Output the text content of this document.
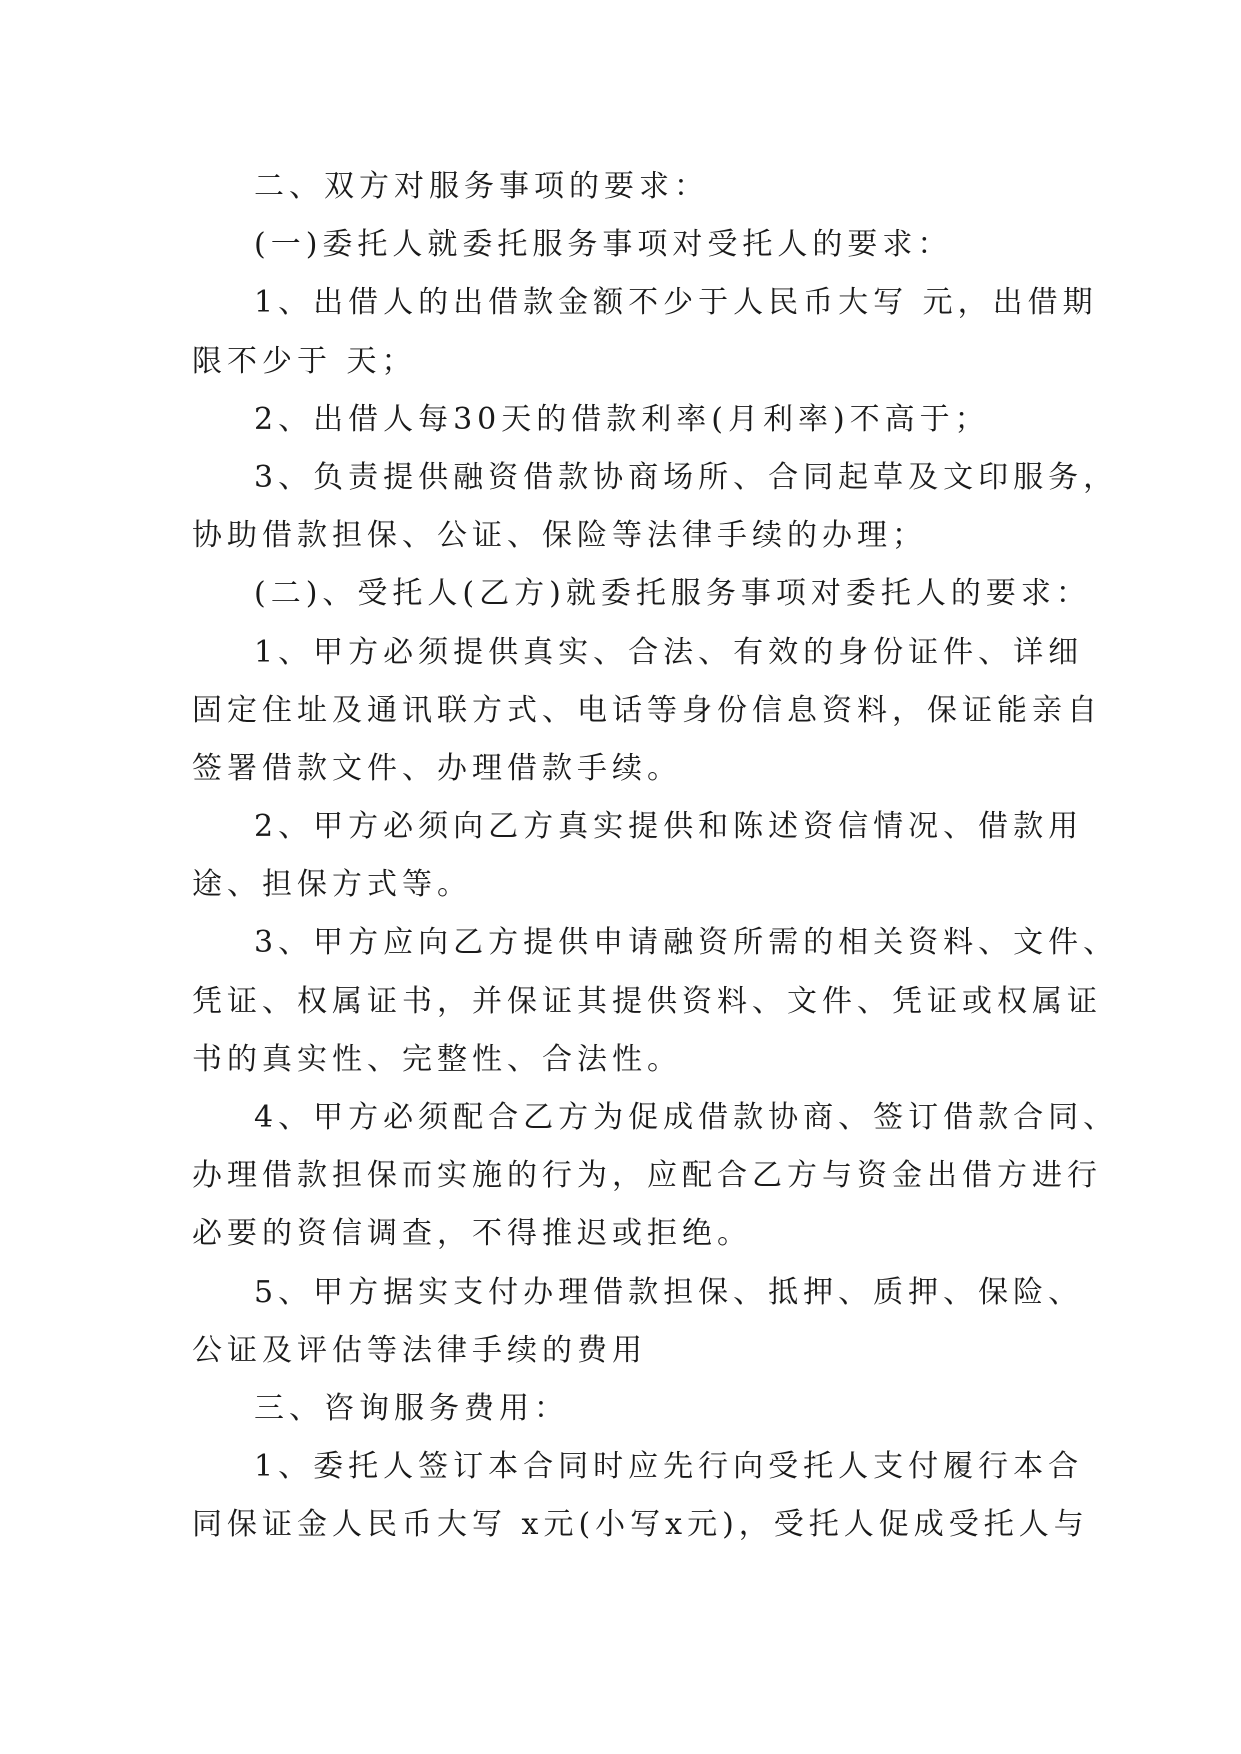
二、双方对服务事项的要求：
(一)委托人就委托服务事项对受托人的要求：
1、出借人的出借款金额不少于人民币大写 元，出借期
限不少于 天；
2、出借人每30天的借款利率(月利率)不高于；
3、负责提供融资借款协商场所、合同起草及文印服务，
协助借款担保、公证、保险等法律手续的办理；
(二)、受托人(乙方)就委托服务事项对委托人的要求：
1、甲方必须提供真实、合法、有效的身份证件、详细
固定住址及通讯联方式、电话等身份信息资料，保证能亲自
签署借款文件、办理借款手续。
2、甲方必须向乙方真实提供和陈述资信情况、借款用
途、担保方式等。
3、甲方应向乙方提供申请融资所需的相关资料、文件、
凭证、权属证书，并保证其提供资料、文件、凭证或权属证
书的真实性、完整性、合法性。
4、甲方必须配合乙方为促成借款协商、签订借款合同、
办理借款担保而实施的行为，应配合乙方与资金出借方进行
必要的资信调查，不得推迟或拒绝。
5、甲方据实支付办理借款担保、抵押、质押、保险、
公证及评估等法律手续的费用
三、咨询服务费用：
1、委托人签订本合同时应先行向受托人支付履行本合
同保证金人民币大写 x元(小写x元)，受托人促成受托人与
